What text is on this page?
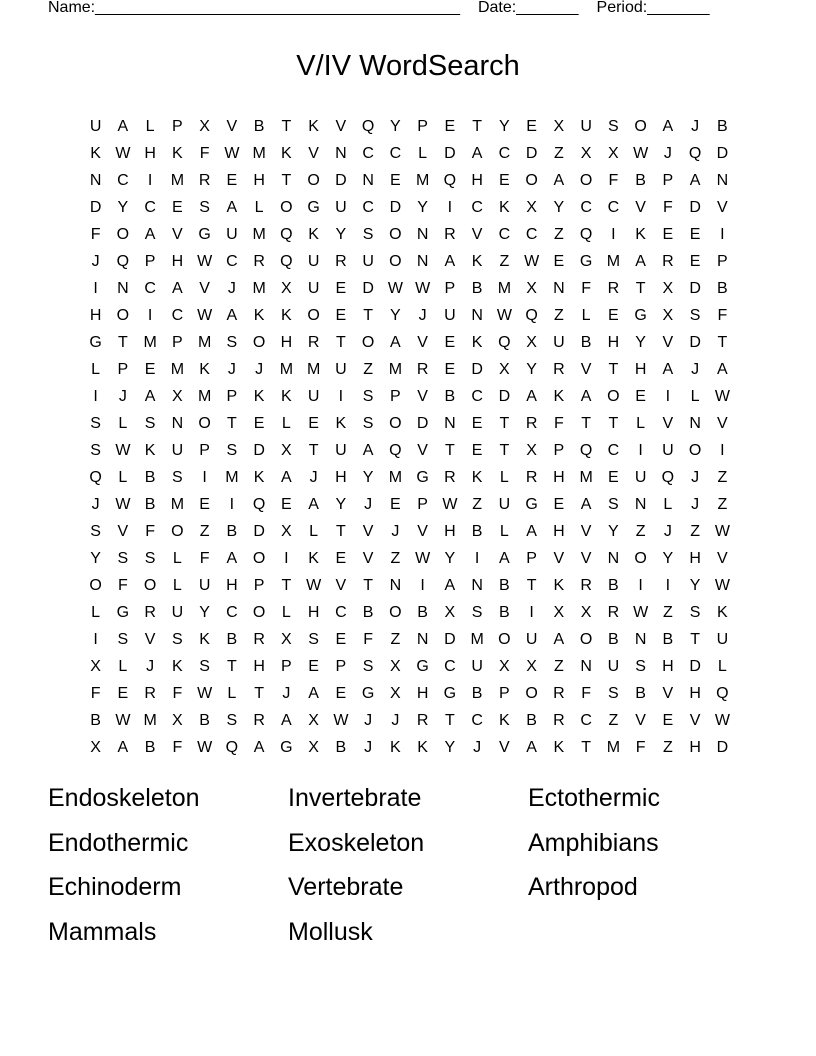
Name:_________________________________________ Date:_______ Period:_______
V/IV WordSearch
U	A	L	P	X	V	B	T	K	V Q Y	P	E	T	Y	E	X	U	S O A	J	B
K W H	K	F W M K	V	N C C	L	D	A	C D	Z	X	X W J	Q D
N C	I	M R	E	H	T	O D N	E M Q H	E O A O	F	B	P	A	N
D	Y	C	E	S	A	L	O G U C D	Y	I	C	K	X	Y	C C	V	F	D	V
F	O A	V G U M Q K	Y	S O N R	V	C C	Z	Q	I	K	E	E	I
J	Q P	H W C R Q U R U O N	A	K	Z W E G M A	R	E	P
I	N C	A	V	J	M X	U	E	D W W P	B M X	N	F	R	T	X	D	B
H O	I	C W A	K	K O E	T	Y	J	U N W Q	Z	L	E G X	S	F
G	T M P M S O H R	T	O A	V	E	K Q X	U	B	H	Y	V	D	T
L	P	E M K	J	J	M M U	Z M R	E	D	X	Y	R	V	T	H	A	J	A
I	J	A	X M P	K	K	U	I	S	P	V	B	C D	A	K	A O E	I	L W
S	L	S	N O	T	E	L	E	K	S O D N	E	T	R	F	T	T	L	V	N	V
S W K	U	P	S	D	X	T	U	A Q V	T	E	T	X	P Q C	I	U O	I
Q	L	B	S	I	M K	A	J	H	Y M G R	K	L	R H M E	U Q	J	Z
J W B M E	I	Q E	A	Y	J	E	P W Z	U G E	A	S	N	L	J	Z
S	V	F	O	Z	B	D	X	L	T	V	J	V	H	B	L	A	H	V	Y	Z	J	Z W
Y	S	S	L	F	A O	I	K	E	V	Z W Y	I	A	P	V	V	N O Y	H	V
O	F	O	L	U H	P	T W V	T	N	I	A	N	B	T	K	R	B	I	I	Y W
L	G R U	Y	C O	L	H C	B O B	X	S	B	I	X	X	R W Z	S	K
I	S	V	S	K	B	R	X	S	E	F	Z	N D M O U	A O B	N	B	T	U
X	L	J	K	S	T	H	P	E	P	S	X G C U	X	X	Z	N U	S	H D	L
F	E	R	F W L	T	J	A	E G X	H G B	P O R	F	S	B	V	H Q
B W M X	B	S	R	A	X W J	J	R	T	C	K	B	R C	Z	V	E	V W
X	A	B	F W Q A G X	B	J	K	K	Y	J	V	A	K	T M F	Z	H D
Endoskeleton	Invertebrate	Ectothermic
Endothermic	Exoskeleton	Amphibians
Echinoderm	Vertebrate	Arthropod
Mammals	Mollusk
